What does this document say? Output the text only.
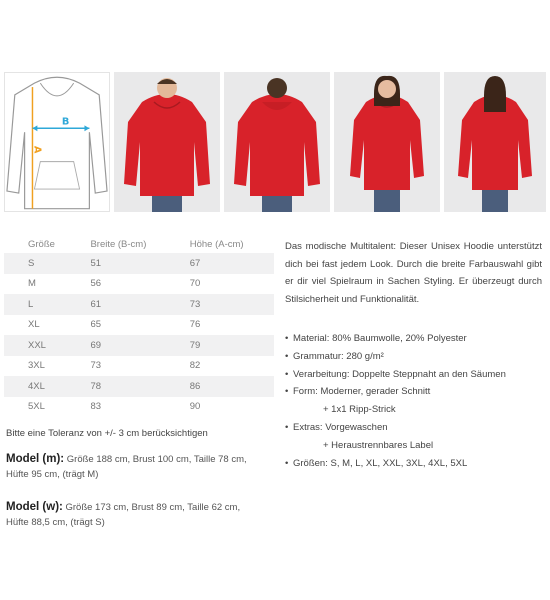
B
A
Größe	Breite (B-cm)	Höhe (A-cm)
S	51	67
M	56	70
L	61	73
XL	65	76
XXL	69	79
3XL	73	82
4XL	78	86
5XL	83	90
Bitte eine Toleranz von +/- 3 cm berücksichtigen
Model (m): Größe 188 cm, Brust 100 cm, Taille 78 cm,
Hüfte 95 cm, (trägt M)
Model (w): Größe 173 cm, Brust 89 cm, Taille 62 cm,
Hüfte 88,5 cm, (trägt S)
Das modische Multitalent: Dieser Unisex Hoodie unterstützt dich bei fast jedem Look. Durch die breite Farbauswahl gibt er dir viel Spielraum in Sachen Styling. Er überzeugt durch Stilsicherheit und Funktionalität.
• Material: 80% Baumwolle, 20% Polyester
• Grammatur: 280 g/m²
• Verarbeitung: Doppelte Steppnaht an den Säumen
• Form: Moderner, gerader Schnitt
+ 1x1 Ripp-Strick
• Extras: Vorgewaschen
+ Heraustrennbares Label
• Größen: S, M, L, XL, XXL, 3XL, 4XL, 5XL
